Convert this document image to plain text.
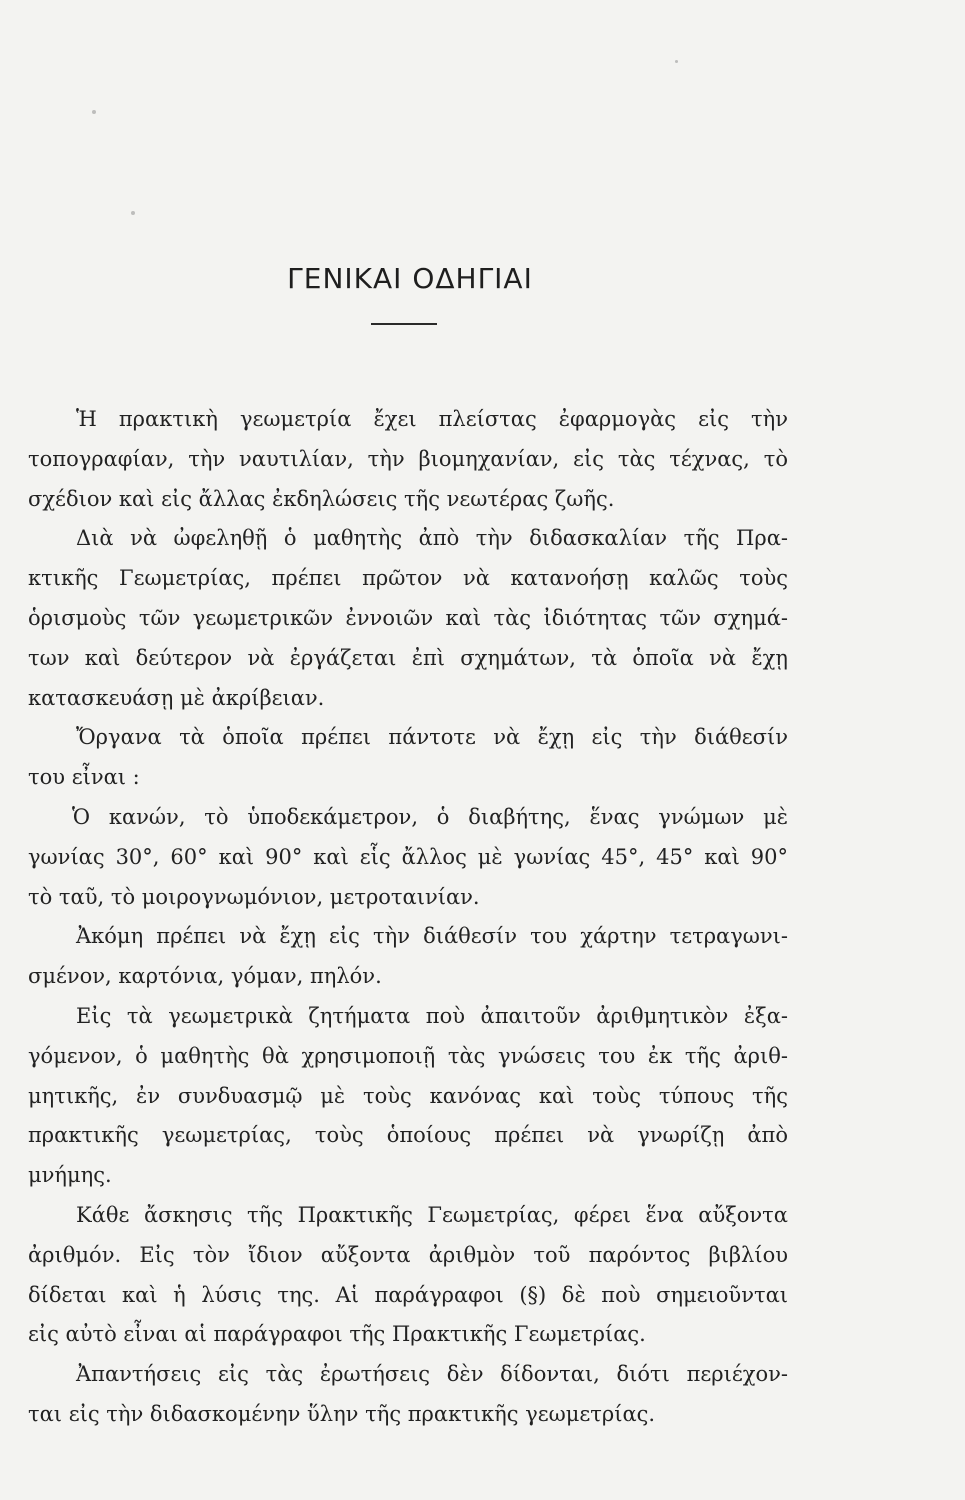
ΓΕΝΙΚΑΙ ΟΔΗΓΙΑΙ
Ἡ πρακτικὴ γεωμετρία ἔχει πλείστας ἐφαρμογὰς εἰς τὴν
τοπογραφίαν, τὴν ναυτιλίαν, τὴν βιομηχανίαν, εἰς τὰς τέχνας, τὸ
σχέδιον καὶ εἰς ἄλλας ἐκδηλώσεις τῆς νεωτέρας ζωῆς.
Διὰ νὰ ὠφεληθῇ ὁ μαθητὴς ἀπὸ τὴν διδασκαλίαν τῆς Πρα-
κτικῆς Γεωμετρίας, πρέπει πρῶτον νὰ κατανοήσῃ καλῶς τοὺς
ὁρισμοὺς τῶν γεωμετρικῶν ἐννοιῶν καὶ τὰς ἰδιότητας τῶν σχημά-
των καὶ δεύτερον νὰ ἐργάζεται ἐπὶ σχημάτων, τὰ ὁποῖα νὰ ἔχῃ
κατασκευάσῃ μὲ ἀκρίβειαν.
Ὄργανα τὰ ὁποῖα πρέπει πάντοτε νὰ ἔχῃ εἰς τὴν διάθεσίν
του εἶναι :
Ὁ κανών, τὸ ὑποδεκάμετρον, ὁ διαβήτης, ἕνας γνώμων μὲ
γωνίας 30°, 60° καὶ 90° καὶ εἷς ἄλλος μὲ γωνίας 45°, 45° καὶ 90°
τὸ ταῦ, τὸ μοιρογνωμόνιον, μετροταινίαν.
Ἀκόμη πρέπει νὰ ἔχῃ εἰς τὴν διάθεσίν του χάρτην τετραγωνι-
σμένον, καρτόνια, γόμαν, πηλόν.
Εἰς τὰ γεωμετρικὰ ζητήματα ποὺ ἀπαιτοῦν ἀριθμητικὸν ἐξα-
γόμενον, ὁ μαθητὴς θὰ χρησιμοποιῇ τὰς γνώσεις του ἐκ τῆς ἀριθ-
μητικῆς, ἐν συνδυασμῷ μὲ τοὺς κανόνας καὶ τοὺς τύπους τῆς
πρακτικῆς γεωμετρίας, τοὺς ὁποίους πρέπει νὰ γνωρίζῃ ἀπὸ
μνήμης.
Κάθε ἄσκησις τῆς Πρακτικῆς Γεωμετρίας, φέρει ἕνα αὔξοντα
ἀριθμόν. Εἰς τὸν ἴδιον αὔξοντα ἀριθμὸν τοῦ παρόντος βιβλίου
δίδεται καὶ ἡ λύσις της. Αἱ παράγραφοι (§) δὲ ποὺ σημειοῦνται
εἰς αὐτὸ εἶναι αἱ παράγραφοι τῆς Πρακτικῆς Γεωμετρίας.
Ἀπαντήσεις εἰς τὰς ἐρωτήσεις δὲν δίδονται, διότι περιέχον-
ται εἰς τὴν διδασκομένην ὕλην τῆς πρακτικῆς γεωμετρίας.
